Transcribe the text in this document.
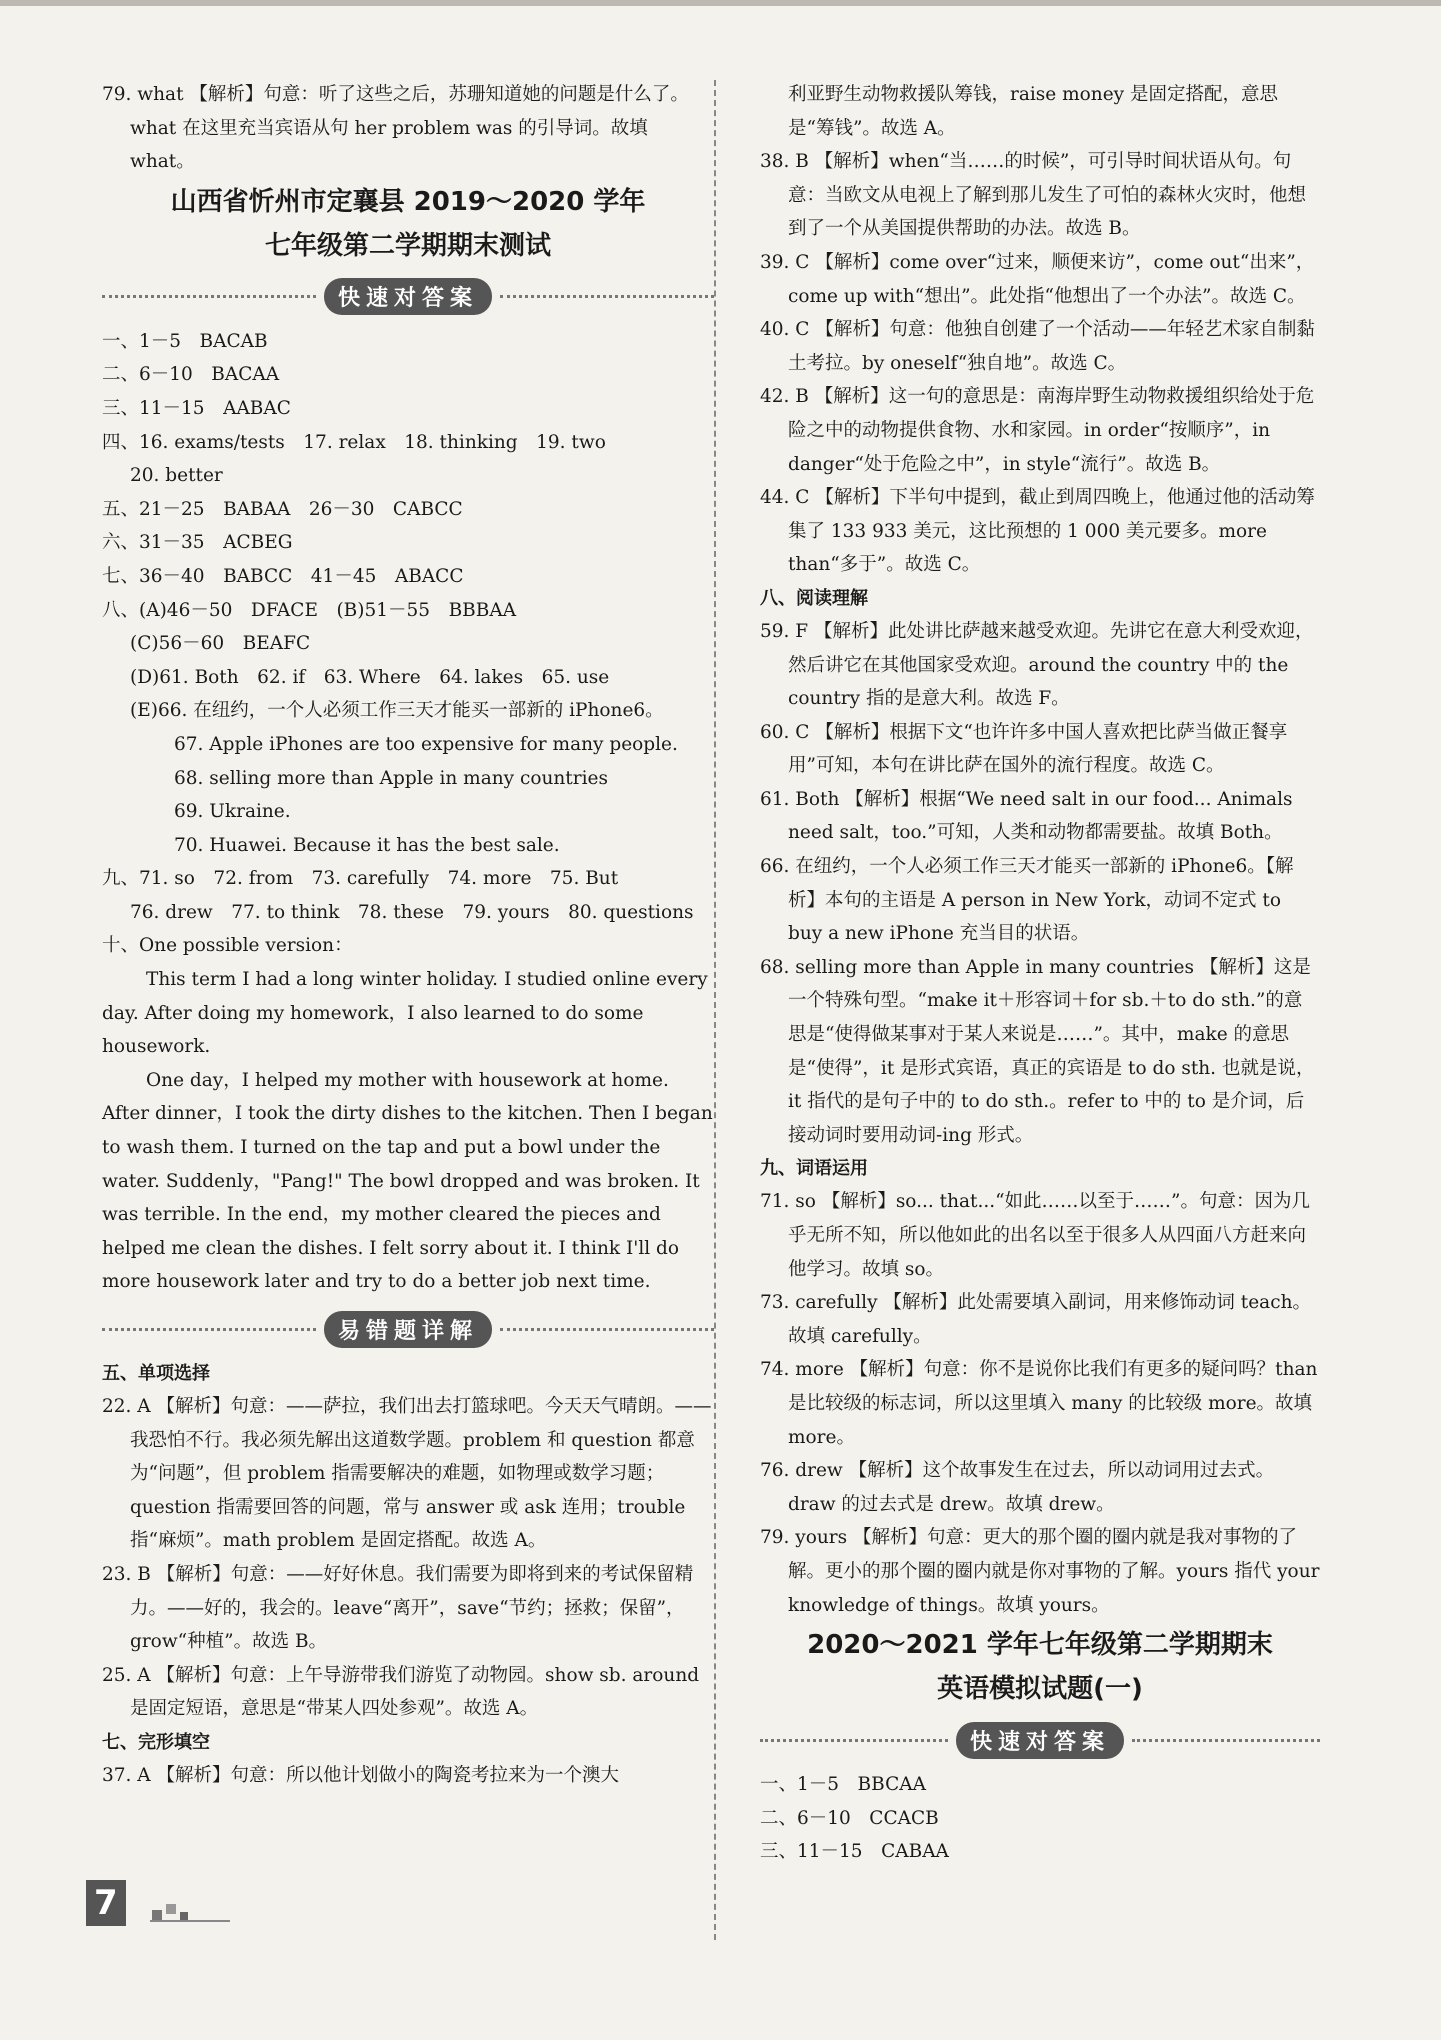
79. what 【解析】句意：听了这些之后，苏珊知道她的问题是什么了。what 在这里充当宾语从句 her problem was 的引导词。故填 what。

山西省忻州市定襄县 2019～2020 学年
七年级第二学期期末测试
快速对答案

一、1－5　BACAB

二、6－10　BACAA

三、11－15　AABAC

四、16. exams/tests　17. relax　18. thinking　19. two

20. better

五、21－25　BABAA　26－30　CABCC

六、31－35　ACBEG

七、36－40　BABCC　41－45　ABACC

八、(A)46－50　DFACE　(B)51－55　BBBAA

(C)56－60　BEAFC

(D)61. Both　62. if　63. Where　64. lakes　65. use

(E)66. 在纽约，一个人必须工作三天才能买一部新的 iPhone6。

67. Apple iPhones are too expensive for many people.

68. selling more than Apple in many countries

69. Ukraine.

70. Huawei. Because it has the best sale.

九、71. so　72. from　73. carefully　74. more　75. But

76. drew　77. to think　78. these　79. yours　80. questions

十、One possible version：

This term I had a long winter holiday. I studied online every day. After doing my homework，I also learned to do some housework.

One day，I helped my mother with housework at home. After dinner，I took the dirty dishes to the kitchen. Then I began to wash them. I turned on the tap and put a bowl under the water. Suddenly，"Pang!" The bowl dropped and was broken. It was terrible. In the end，my mother cleared the pieces and helped me clean the dishes. I felt sorry about it. I think I'll do more housework later and try to do a better job next time.

易错题详解

五、单项选择

22. A 【解析】句意：——萨拉，我们出去打篮球吧。今天天气晴朗。——我恐怕不行。我必须先解出这道数学题。problem 和 question 都意为“问题”，但 problem 指需要解决的难题，如物理或数学习题；question 指需要回答的问题，常与 answer 或 ask 连用；trouble 指“麻烦”。math problem 是固定搭配。故选 A。

23. B 【解析】句意：——好好休息。我们需要为即将到来的考试保留精力。——好的，我会的。leave“离开”，save“节约；拯救；保留”，grow“种植”。故选 B。

25. A 【解析】句意：上午导游带我们游览了动物园。show sb. around 是固定短语，意思是“带某人四处参观”。故选 A。

七、完形填空

37. A 【解析】句意：所以他计划做小的陶瓷考拉来为一个澳大

利亚野生动物救援队筹钱，raise money 是固定搭配，意思是“筹钱”。故选 A。

38. B 【解析】when“当……的时候”，可引导时间状语从句。句意：当欧文从电视上了解到那儿发生了可怕的森林火灾时，他想到了一个从美国提供帮助的办法。故选 B。

39. C 【解析】come over“过来，顺便来访”，come out“出来”，come up with“想出”。此处指“他想出了一个办法”。故选 C。

40. C 【解析】句意：他独自创建了一个活动——年轻艺术家自制黏土考拉。by oneself“独自地”。故选 C。

42. B 【解析】这一句的意思是：南海岸野生动物救援组织给处于危险之中的动物提供食物、水和家园。in order“按顺序”，in danger“处于危险之中”，in style“流行”。故选 B。

44. C 【解析】下半句中提到，截止到周四晚上，他通过他的活动筹集了 133 933 美元，这比预想的 1 000 美元要多。more than“多于”。故选 C。

八、阅读理解

59. F 【解析】此处讲比萨越来越受欢迎。先讲它在意大利受欢迎，然后讲它在其他国家受欢迎。around the country 中的 the country 指的是意大利。故选 F。

60. C 【解析】根据下文“也许许多中国人喜欢把比萨当做正餐享用”可知，本句在讲比萨在国外的流行程度。故选 C。

61. Both 【解析】根据“We need salt in our food... Animals need salt，too.”可知，人类和动物都需要盐。故填 Both。

66. 在纽约，一个人必须工作三天才能买一部新的 iPhone6。【解析】本句的主语是 A person in New York，动词不定式 to buy a new iPhone 充当目的状语。

68. selling more than Apple in many countries 【解析】这是一个特殊句型。“make it＋形容词＋for sb.＋to do sth.”的意思是“使得做某事对于某人来说是……”。其中，make 的意思是“使得”，it 是形式宾语，真正的宾语是 to do sth. 也就是说，it 指代的是句子中的 to do sth.。refer to 中的 to 是介词，后接动词时要用动词-ing 形式。

九、词语运用

71. so 【解析】so... that...“如此……以至于……”。句意：因为几乎无所不知，所以他如此的出名以至于很多人从四面八方赶来向他学习。故填 so。

73. carefully 【解析】此处需要填入副词，用来修饰动词 teach。故填 carefully。

74. more 【解析】句意：你不是说你比我们有更多的疑问吗？than 是比较级的标志词，所以这里填入 many 的比较级 more。故填 more。

76. drew 【解析】这个故事发生在过去，所以动词用过去式。draw 的过去式是 drew。故填 drew。

79. yours 【解析】句意：更大的那个圈的圈内就是我对事物的了解。更小的那个圈的圈内就是你对事物的了解。yours 指代 your knowledge of things。故填 yours。

2020～2021 学年七年级第二学期期末
英语模拟试题(一)
快速对答案

一、1－5　BBCAA

二、6－10　CCACB

三、11－15　CABAA

7
